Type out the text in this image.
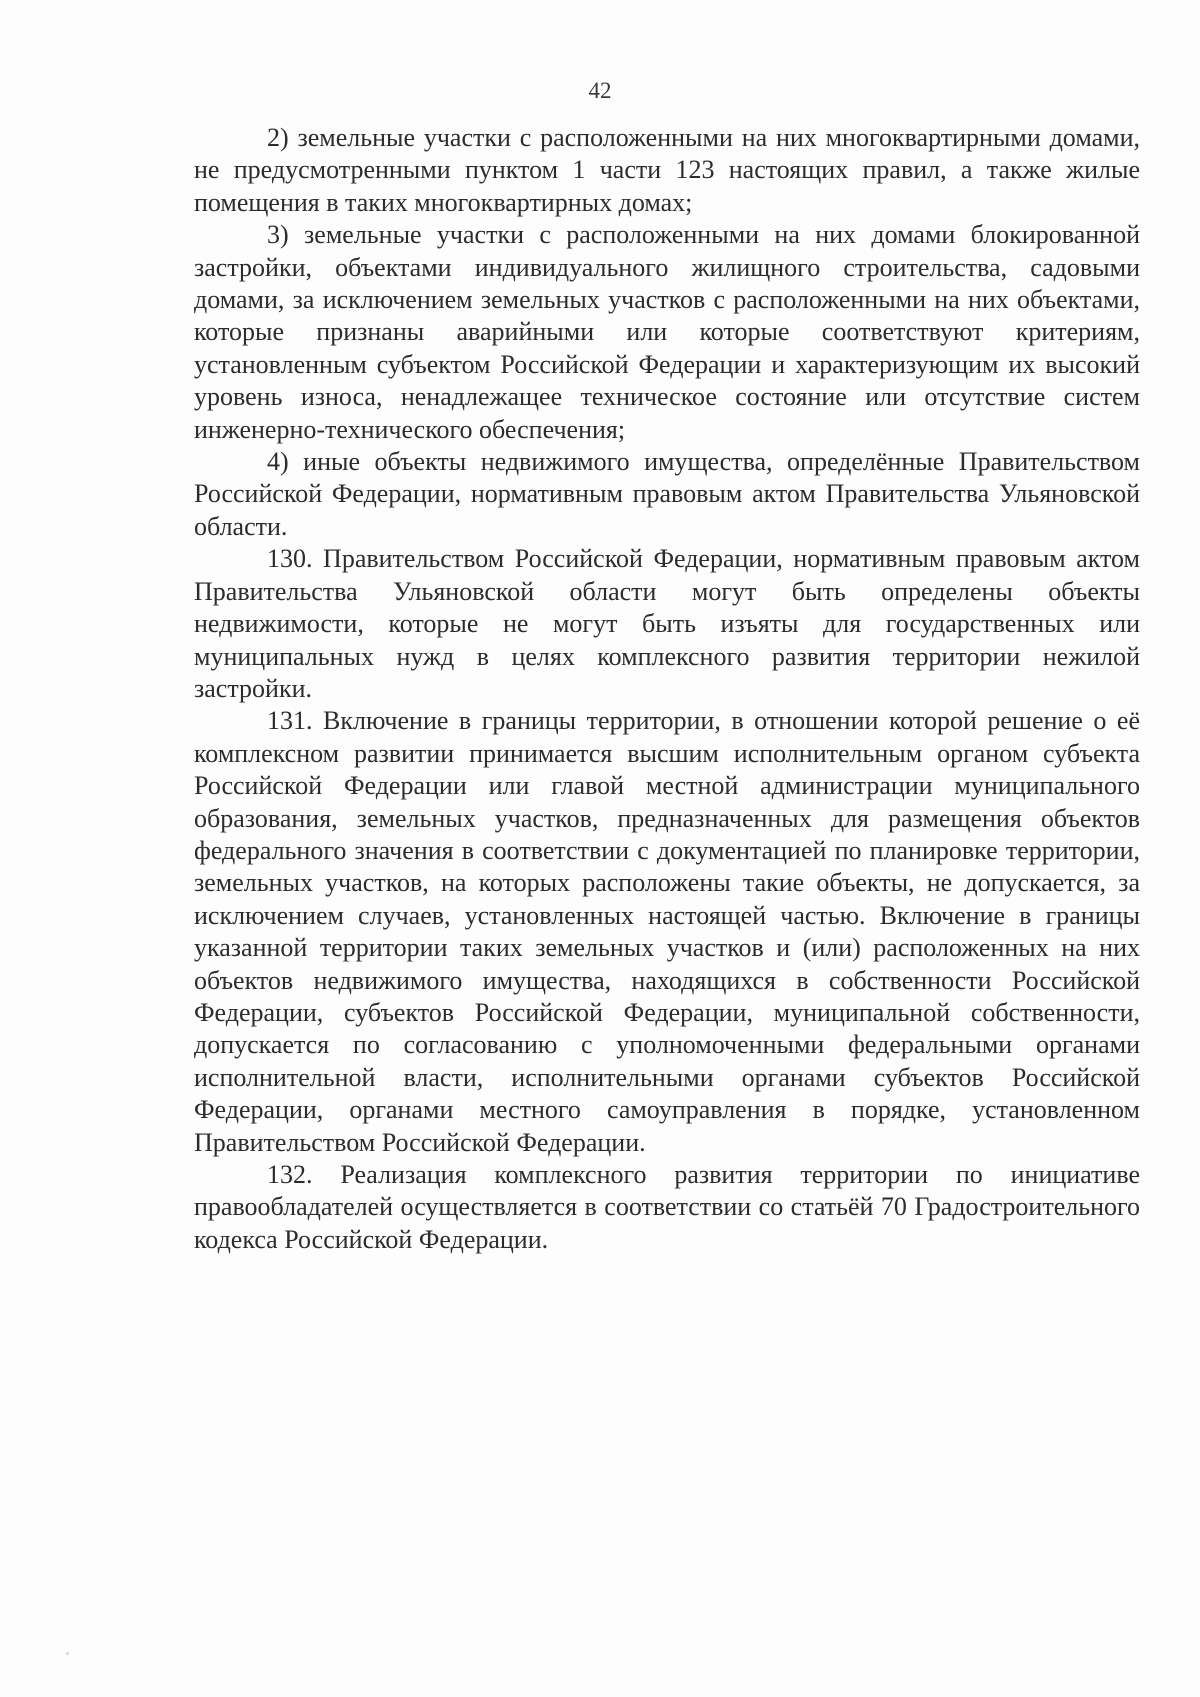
42

2) земельные участки с расположенными на них многоквартирными домами, не предусмотренными пунктом 1 части 123 настоящих правил, а также жилые помещения в таких многоквартирных домах;

3) земельные участки с расположенными на них домами блокированной застройки, объектами индивидуального жилищного строительства, садовыми домами, за исключением земельных участков с расположенными на них объектами, которые признаны аварийными или которые соответствуют критериям, установленным субъектом Российской Федерации и характеризующим их высокий уровень износа, ненадлежащее техническое состояние или отсутствие систем инженерно-технического обеспечения;

4) иные объекты недвижимого имущества, определённые Правительством Российской Федерации, нормативным правовым актом Правительства Ульяновской области.

130. Правительством Российской Федерации, нормативным правовым актом Правительства Ульяновской области могут быть определены объекты недвижимости, которые не могут быть изъяты для государственных или муниципальных нужд в целях комплексного развития территории нежилой застройки.

131. Включение в границы территории, в отношении которой решение о её комплексном развитии принимается высшим исполнительным органом субъекта Российской Федерации или главой местной администрации муниципального образования, земельных участков, предназначенных для размещения объектов федерального значения в соответствии с документацией по планировке территории, земельных участков, на которых расположены такие объекты, не допускается, за исключением случаев, установленных настоящей частью. Включение в границы указанной территории таких земельных участков и (или) расположенных на них объектов недвижимого имущества, находящихся в собственности Российской Федерации, субъектов Российской Федерации, муниципальной собственности, допускается по согласованию с уполномоченными федеральными органами исполнительной власти, исполнительными органами субъектов Российской Федерации, органами местного самоуправления в порядке, установленном Правительством Российской Федерации.

132. Реализация комплексного развития территории по инициативе правообладателей осуществляется в соответствии со статьёй 70 Градостроительного кодекса Российской Федерации.
